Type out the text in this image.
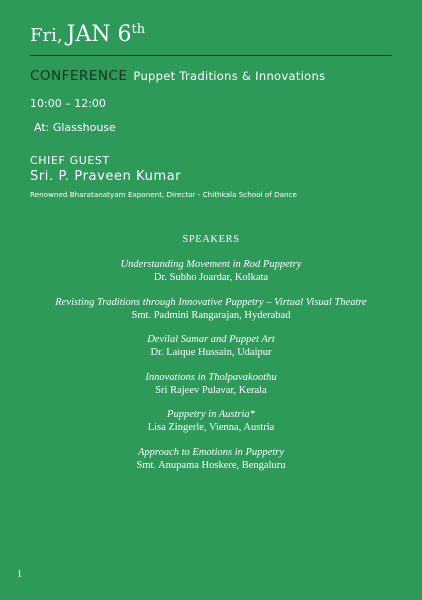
Fri, JAN 6th
CONFERENCE Puppet Traditions & Innovations
10:00 – 12:00
At: Glasshouse
CHIEF GUEST
Sri. P. Praveen Kumar
Renowned Bharatanatyam Exponent, Director - Chithkala School of Dance
SPEAKERS
Understanding Movement in Rod Puppetry
Dr. Subho Joardar, Kolkata
Revisting Traditions through Innovative Puppetry – Virtual Visual Theatre
Smt. Padmini Rangarajan, Hyderabad
Devilal Samar and Puppet Art
Dr. Laique Hussain, Udaipur
Innovations in Tholpavakoothu
Sri Rajeev Pulavar, Kerala
Puppetry in Austria*
Lisa Zingerle, Vienna, Austria
Approach to Emotions in Puppetry
Smt. Anupama Hoskere, Bengaluru
1
